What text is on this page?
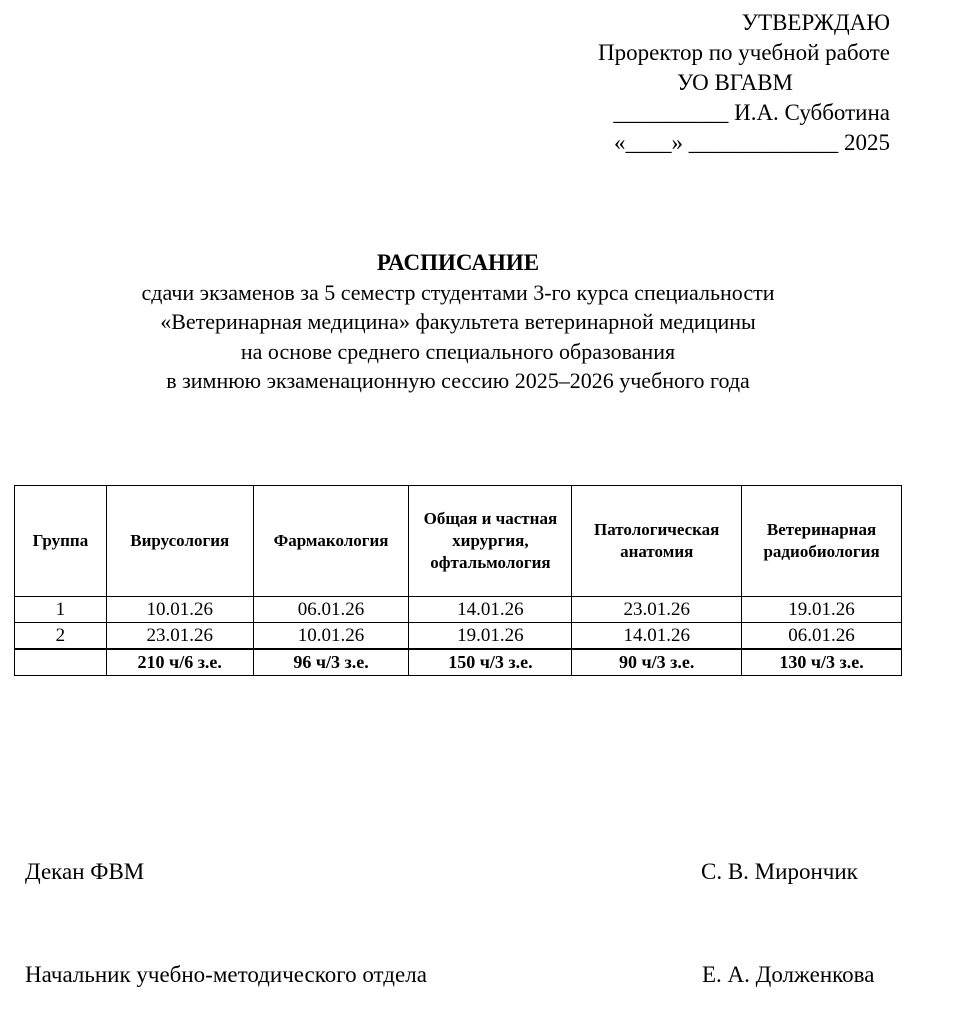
УТВЕРЖДАЮ
Проректор по учебной работе
УО ВГАВМ
__________ И.А. Субботина
«____» _____________ 2025
РАСПИСАНИЕ
сдачи экзаменов за 5 семестр студентами 3-го курса специальности
«Ветеринарная медицина» факультета ветеринарной медицины
на основе среднего специального образования
в зимнюю экзаменационную сессию 2025–2026 учебного года
Группа	Вирусология	Фармакология	Общая и частная хирургия, офтальмология	Патологическая анатомия	Ветеринарная радиобиология
1	10.01.26	06.01.26	14.01.26	23.01.26	19.01.26
2	23.01.26	10.01.26	19.01.26	14.01.26	06.01.26
	210 ч/6 з.е.	96 ч/3 з.е.	150 ч/3 з.е.	90 ч/3 з.е.	130 ч/3 з.е.
Декан ФВМ	С. В. Мирончик
Начальник учебно-методического отдела	Е. А. Долженкова
